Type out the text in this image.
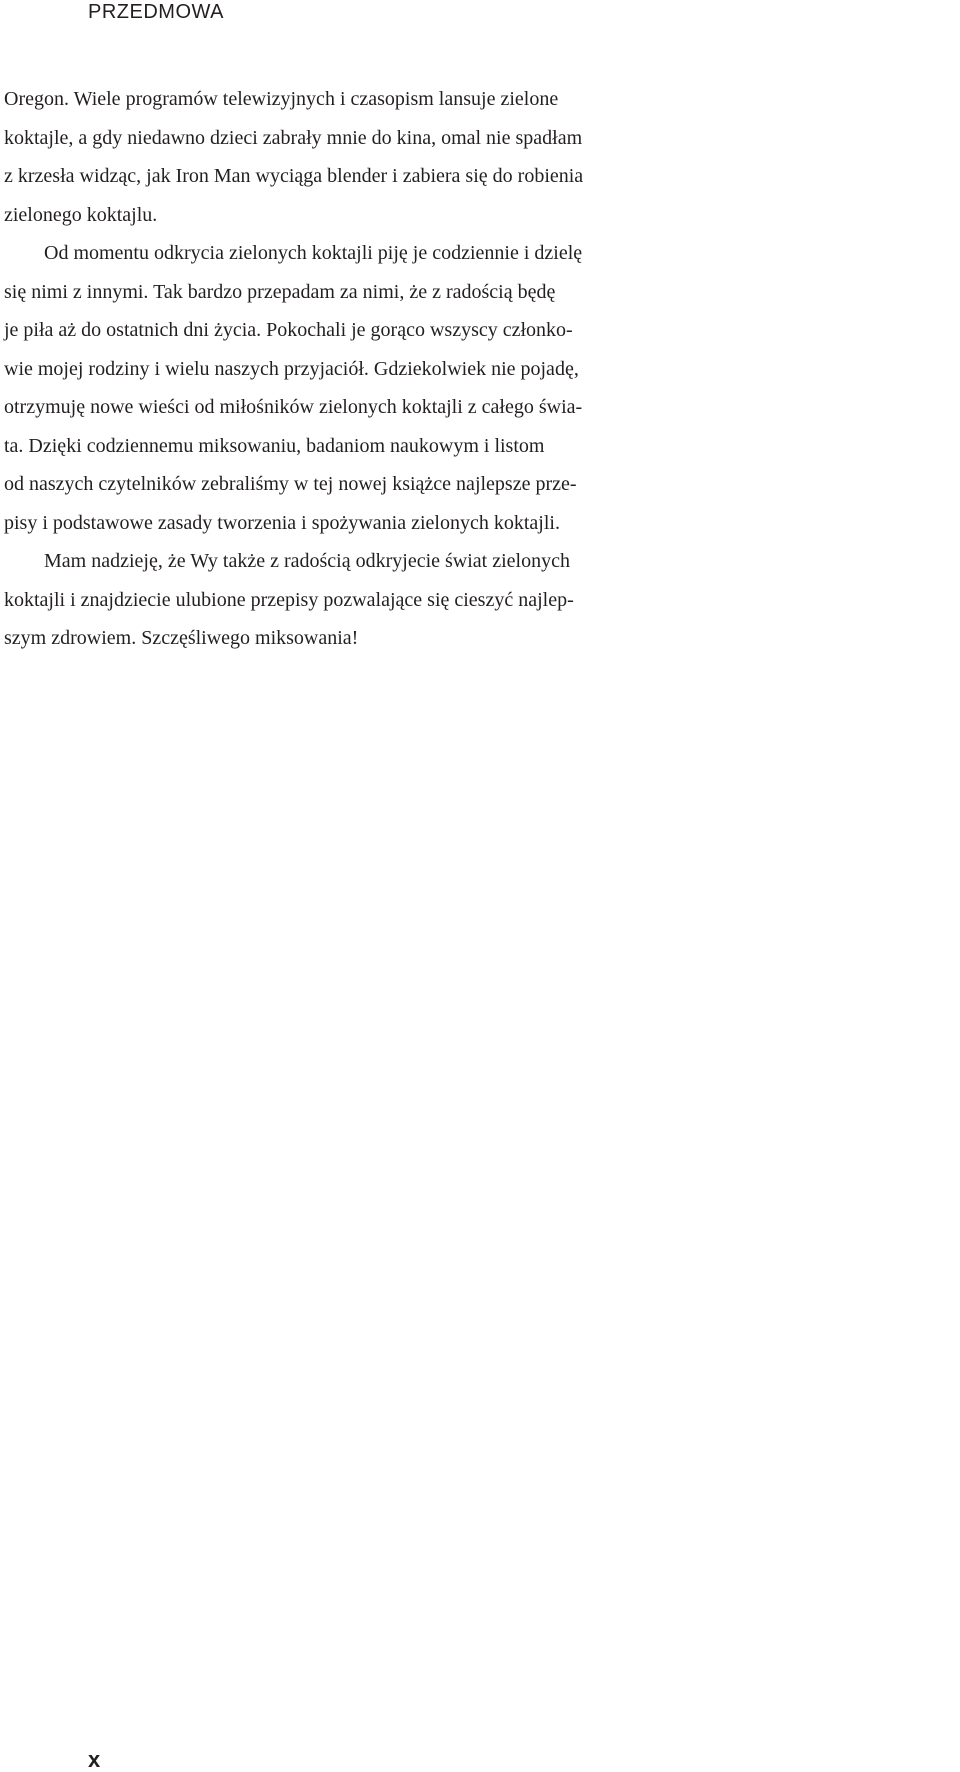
PRZEDMOWA
Oregon. Wiele programów telewizyjnych i czasopism lansuje zielone
koktajle, a gdy niedawno dzieci zabrały mnie do kina, omal nie spadłam
z krzesła widząc, jak Iron Man wyciąga blender i zabiera się do robienia
zielonego koktajlu.
Od momentu odkrycia zielonych koktajli piję je codziennie i dzielę
się nimi z innymi. Tak bardzo przepadam za nimi, że z radością będę
je piła aż do ostatnich dni życia. Pokochali je gorąco wszyscy członko-
wie mojej rodziny i wielu naszych przyjaciół. Gdziekolwiek nie pojadę,
otrzymuję nowe wieści od miłośników zielonych koktajli z całego świa-
ta. Dzięki codziennemu miksowaniu, badaniom naukowym i listom
od naszych czytelników zebraliśmy w tej nowej książce najlepsze prze-
pisy i podstawowe zasady tworzenia i spożywania zielonych koktajli.
Mam nadzieję, że Wy także z radością odkryjecie świat zielonych
koktajli i znajdziecie ulubione przepisy pozwalające się cieszyć najlep-
szym zdrowiem. Szczęśliwego miksowania!
x
